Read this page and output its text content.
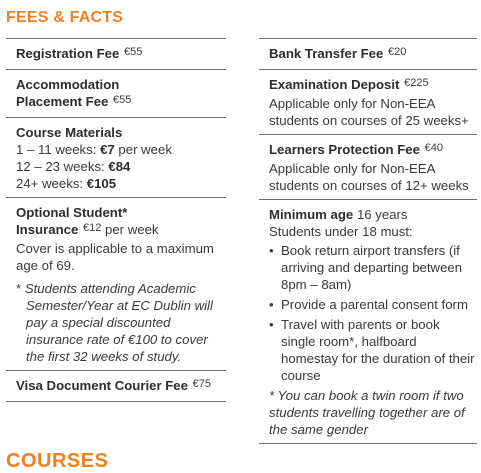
FEES & FACTS
Registration Fee $^{€55}$
Accommodation
Placement Fee $^{€55}$
Course Materials
1 – 11 weeks: €7 per week
12 – 23 weeks: €84
24+ weeks: €105
Optional Student*
Insurance $^{€12}$ per week
Cover is applicable to a maximum age of 69.
* Students attending Academic Semester/Year at EC Dublin will pay a special discounted insurance rate of €100 to cover the first 32 weeks of study.
Visa Document Courier Fee $^{€75}$
Bank Transfer Fee $^{€20}$
Examination Deposit $^{€225}$
Applicable only for Non-EEA students on courses of 25 weeks+
Learners Protection Fee $^{€40}$
Applicable only for Non-EEA students on courses of 12+ weeks
Minimum age 16 years
Students under 18 must:
• Book return airport transfers (if arriving and departing between 8pm – 8am)
• Provide a parental consent form
• Travel with parents or book single room*, halfboard homestay for the duration of their course
* You can book a twin room if two students travelling together are of the same gender
COURSES
